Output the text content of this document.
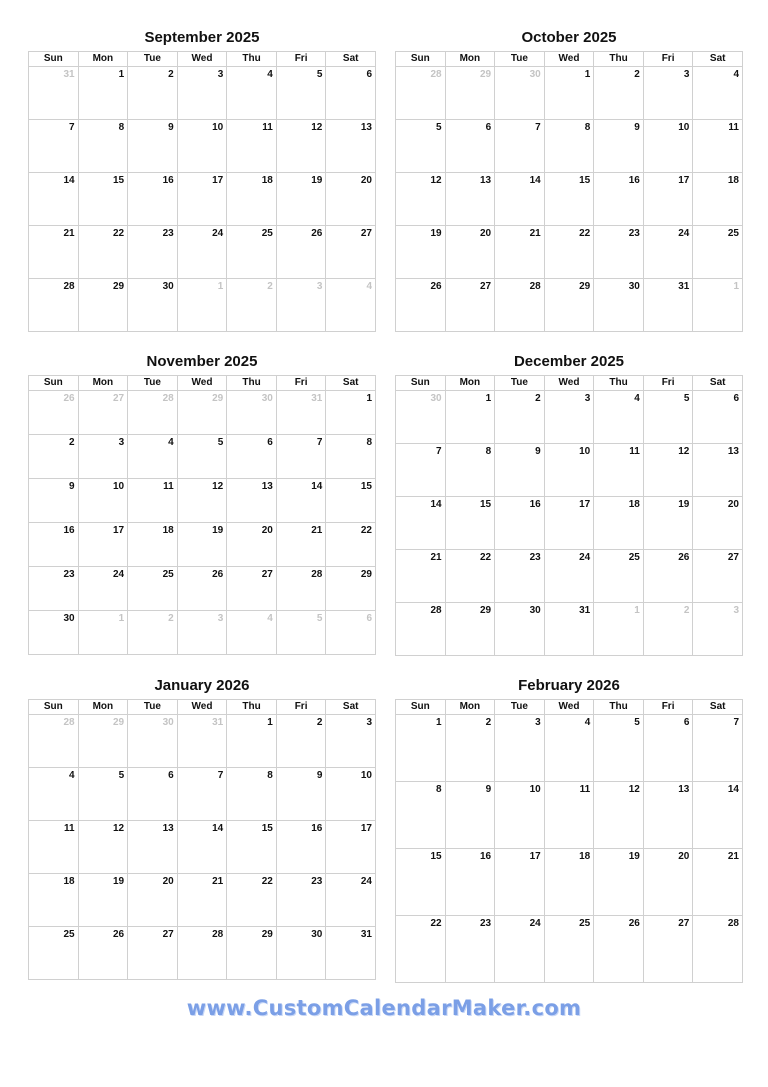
September 2025
Sun	Mon	Tue	Wed	Thu	Fri	Sat
31	1	2	3	4	5	6
7	8	9	10	11	12	13
14	15	16	17	18	19	20
21	22	23	24	25	26	27
28	29	30	1	2	3	4
October 2025
Sun	Mon	Tue	Wed	Thu	Fri	Sat
28	29	30	1	2	3	4
5	6	7	8	9	10	11
12	13	14	15	16	17	18
19	20	21	22	23	24	25
26	27	28	29	30	31	1
November 2025
Sun	Mon	Tue	Wed	Thu	Fri	Sat
26	27	28	29	30	31	1
2	3	4	5	6	7	8
9	10	11	12	13	14	15
16	17	18	19	20	21	22
23	24	25	26	27	28	29
30	1	2	3	4	5	6
December 2025
Sun	Mon	Tue	Wed	Thu	Fri	Sat
30	1	2	3	4	5	6
7	8	9	10	11	12	13
14	15	16	17	18	19	20
21	22	23	24	25	26	27
28	29	30	31	1	2	3
January 2026
Sun	Mon	Tue	Wed	Thu	Fri	Sat
28	29	30	31	1	2	3
4	5	6	7	8	9	10
11	12	13	14	15	16	17
18	19	20	21	22	23	24
25	26	27	28	29	30	31
February 2026
Sun	Mon	Tue	Wed	Thu	Fri	Sat
1	2	3	4	5	6	7
8	9	10	11	12	13	14
15	16	17	18	19	20	21
22	23	24	25	26	27	28
www.CustomCalendarMaker.com
